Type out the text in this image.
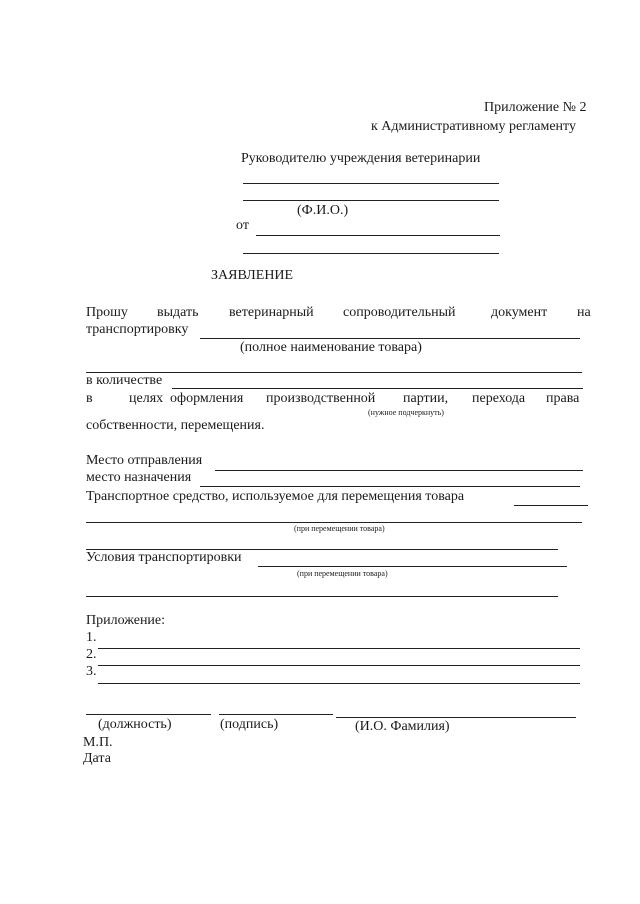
Приложение № 2
к Административному регламенту
Руководителю учреждения ветеринарии
(Ф.И.О.)
от
ЗАЯВЛЕНИЕ
Прошу выдать ветеринарный сопроводительный	документ на
транспортировку
(полное наименование товара)
в количестве
в	целях оформления производственной партии, перехода права
(нужное подчеркнуть)
собственности, перемещения.
Место отправления
место назначения
Транспортное средство, используемое для перемещения товара
(при перемещении товара)
Условия транспортировки
(при перемещении товара)
Приложение:
1.
2.
3.
(должность)	(подпись)	(И.О. Фамилия)
М.П.
Дата
